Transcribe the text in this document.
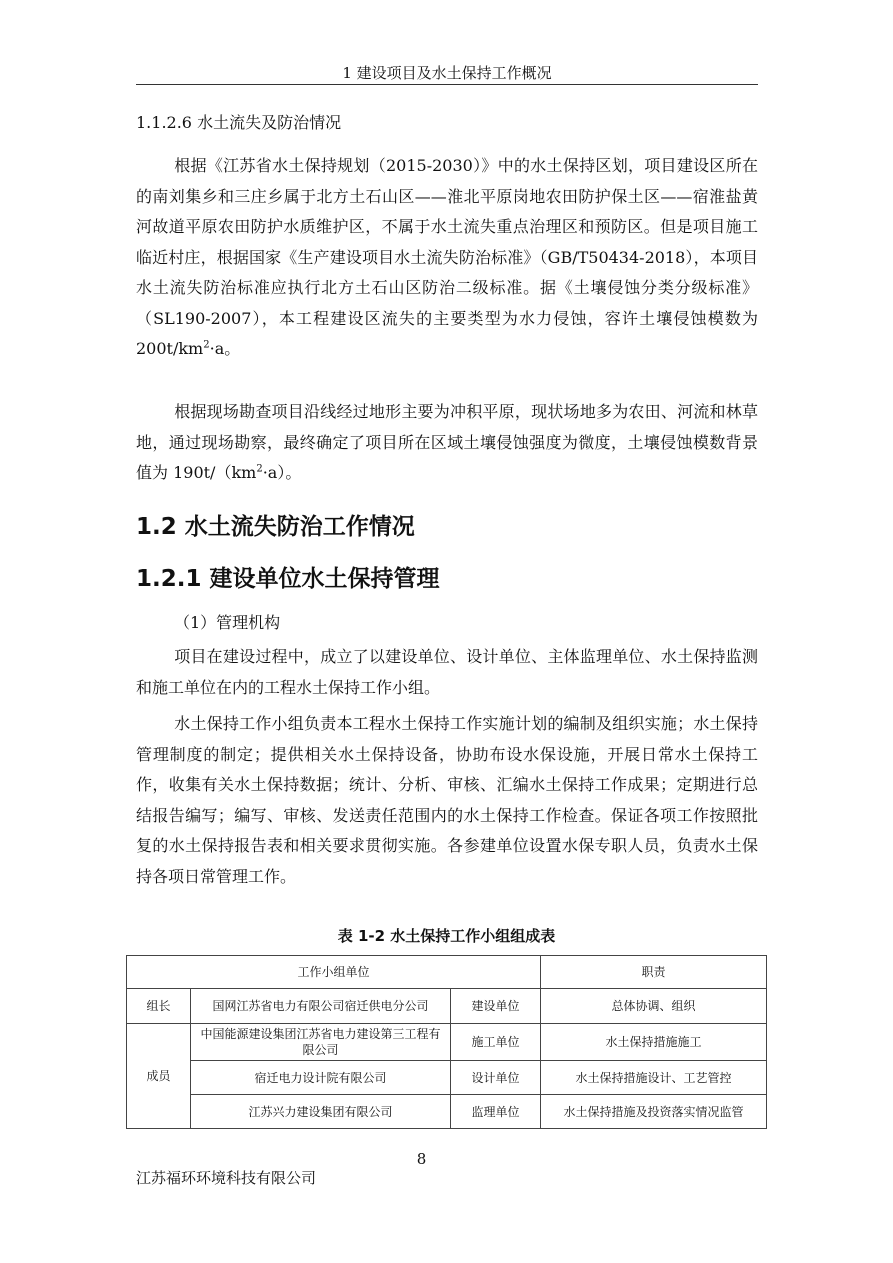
1 建设项目及水土保持工作概况
1.1.2.6 水土流失及防治情况
根据《江苏省水土保持规划（2015-2030）》中的水土保持区划，项目建设区所在的南刘集乡和三庄乡属于北方土石山区——淮北平原岗地农田防护保土区——宿淮盐黄河故道平原农田防护水质维护区，不属于水土流失重点治理区和预防区。但是项目施工临近村庄，根据国家《生产建设项目水土流失防治标准》（GB/T50434-2018），本项目水土流失防治标准应执行北方土石山区防治二级标准。据《土壤侵蚀分类分级标准》（SL190-2007），本工程建设区流失的主要类型为水力侵蚀，容许土壤侵蚀模数为 $200t/km^2\cdot a$。
根据现场勘查项目沿线经过地形主要为冲积平原，现状场地多为农田、河流和林草地，通过现场勘察，最终确定了项目所在区域土壤侵蚀强度为微度，土壤侵蚀模数背景值为 $190t/(km^2\cdot a)$。
1.2 水土流失防治工作情况
1.2.1 建设单位水土保持管理
（1）管理机构
项目在建设过程中，成立了以建设单位、设计单位、主体监理单位、水土保持监测和施工单位在内的工程水土保持工作小组。
水土保持工作小组负责本工程水土保持工作实施计划的编制及组织实施；水土保持管理制度的制定；提供相关水土保持设备，协助布设水保设施，开展日常水土保持工作，收集有关水土保持数据；统计、分析、审核、汇编水土保持工作成果；定期进行总结报告编写；编写、审核、发送责任范围内的水土保持工作检查。保证各项工作按照批复的水土保持报告表和相关要求贯彻实施。各参建单位设置水保专职人员，负责水土保持各项日常管理工作。
表 1-2 水土保持工作小组组成表
工作小组单位			职责
组长	国网江苏省电力有限公司宿迁供电分公司	建设单位	总体协调、组织
成员	中国能源建设集团江苏省电力建设第三工程有限公司	施工单位	水土保持措施施工
	宿迁电力设计院有限公司	设计单位	水土保持措施设计、工艺管控
	江苏兴力建设集团有限公司	监理单位	水土保持措施及投资落实情况监管
8
江苏福环环境科技有限公司
